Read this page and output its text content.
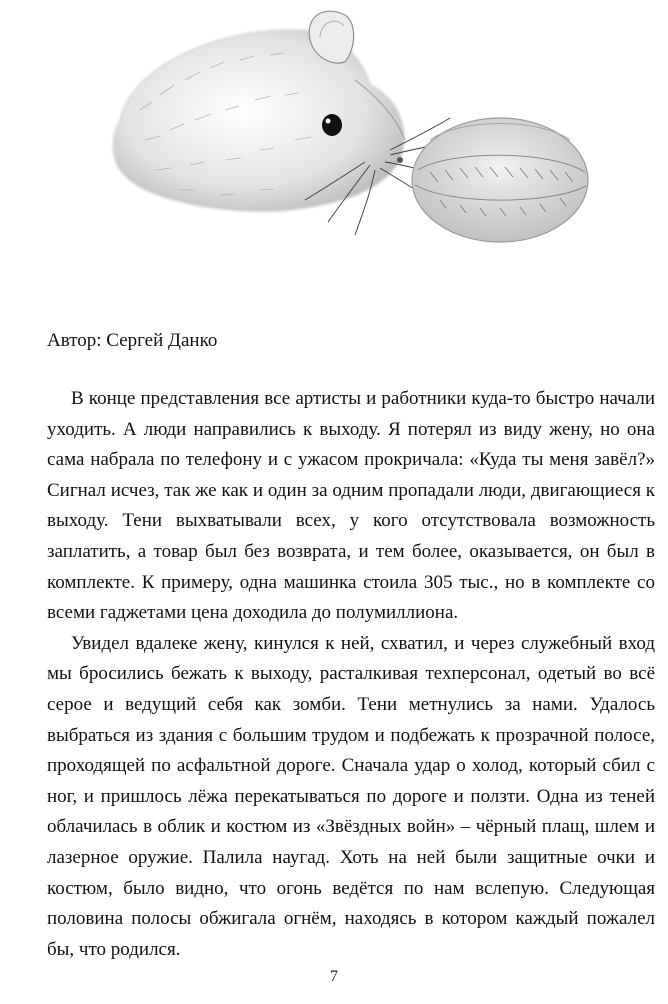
Автор: Сергей Данко

В конце представления все артисты и работники куда-то быстро начали уходить. А люди направились к выходу. Я потерял из виду жену, но она сама набрала по телефону и с ужасом прокричала: «Куда ты меня завёл?» Сигнал исчез, так же как и один за одним пропадали люди, двигающиеся к выходу. Тени выхватывали всех, у кого отсутствовала возможность заплатить, а товар был без возврата, и тем более, оказывается, он был в комплекте. К примеру, одна машинка стоила 305 тыс., но в комплекте со всеми гаджетами цена доходила до полумиллиона.

Увидел вдалеке жену, кинулся к ней, схватил, и через служебный вход мы бросились бежать к выходу, расталкивая техперсонал, одетый во всё серое и ведущий себя как зомби. Тени метнулись за нами. Удалось выбраться из здания с большим трудом и подбежать к прозрачной полосе, проходящей по асфальтной дороге. Сначала удар о холод, который сбил с ног, и пришлось лёжа перекатываться по дороге и ползти. Одна из теней облачилась в облик и костюм из «Звёздных войн» – чёрный плащ, шлем и лазерное оружие. Палила наугад. Хоть на ней были защитные очки и костюм, было видно, что огонь ведётся по нам вслепую. Следующая половина полосы обжигала огнём, находясь в котором каждый пожалел бы, что родился.

7
